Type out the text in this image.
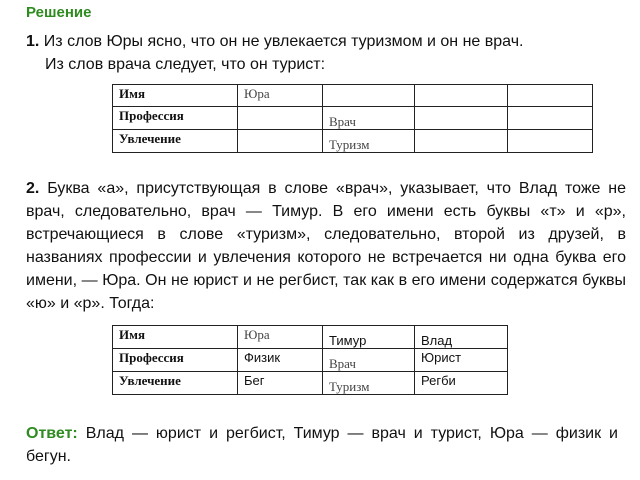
Решение
1. Из слов Юры ясно, что он не увлекается туризмом и он не врач.
Из слов врача следует, что он турист:
Имя	Юра			
Профессия		Врач		
Увлечение		Туризм		
2. Буква «а», присутствующая в слове «врач», указывает, что Влад тоже не врач, следовательно, врач — Тимур. В его имени есть буквы «т» и «р», встречающиеся в слове «туризм», следовательно, второй из друзей, в названиях профессии и увлечения которого не встречается ни одна буква его имени, — Юра. Он не юрист и не регбист, так как в его имени содержатся буквы «ю» и «р». Тогда:
Имя	Юра	Тимур	Влад
Профессия	Физик	Врач	Юрист
Увлечение	Бег	Туризм	Регби
Ответ: Влад — юрист и регбист, Тимур — врач и турист, Юра — физик и бегун.
